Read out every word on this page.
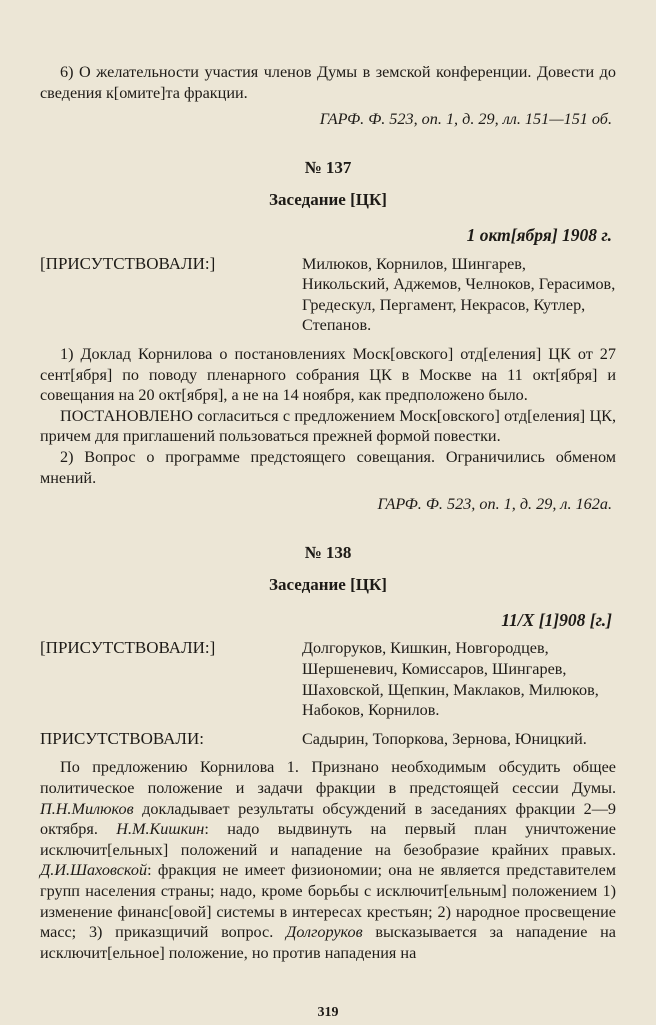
6) О желательности участия членов Думы в земской конференции. Довести до сведения к[омите]та фракции.

ГАРФ. Ф. 523, оп. 1, д. 29, лл. 151—151 об.

№ 137

Заседание [ЦК]

1 окт[ября] 1908 г.

[ПРИСУТСТВОВАЛИ:]	Милюков, Корнилов, Шингарев, Никольский, Аджемов, Челноков, Герасимов, Гредескул, Пергамент, Некрасов, Кутлер, Степанов.

1) Доклад Корнилова о постановлениях Моск[овского] отд[еления] ЦК от 27 сент[ября] по поводу пленарного собрания ЦК в Москве на 11 окт[ября] и совещания на 20 окт[ября], а не на 14 ноября, как предположено было.

ПОСТАНОВЛЕНО согласиться с предложением Моск[овского] отд[еления] ЦК, причем для приглашений пользоваться прежней формой повестки.

2) Вопрос о программе предстоящего совещания. Ограничились обменом мнений.

ГАРФ. Ф. 523, оп. 1, д. 29, л. 162а.

№ 138

Заседание [ЦК]

11/X [1]908 [г.]

[ПРИСУТСТВОВАЛИ:]	Долгоруков, Кишкин, Новгородцев, Шершеневич, Комиссаров, Шингарев, Шаховской, Щепкин, Маклаков, Милюков, Набоков, Корнилов.
ПРИСУТСТВОВАЛИ:	Садырин, Топоркова, Зернова, Юницкий.

По предложению Корнилова 1. Признано необходимым обсудить общее политическое положение и задачи фракции в предстоящей сессии Думы. П.Н.Милюков докладывает результаты обсуждений в заседаниях фракции 2—9 октября. Н.М.Кишкин: надо выдвинуть на первый план уничтожение исключит[ельных] положений и нападение на безобразие крайних правых. Д.И.Шаховской: фракция не имеет физиономии; она не является представителем групп населения страны; надо, кроме борьбы с исключит[ельным] положением 1) изменение финанс[овой] системы в интересах крестьян; 2) народное просвещение масс; 3) приказщичий вопрос. Долгоруков высказывается за нападение на исключит[ельное] положение, но против нападения на

319
